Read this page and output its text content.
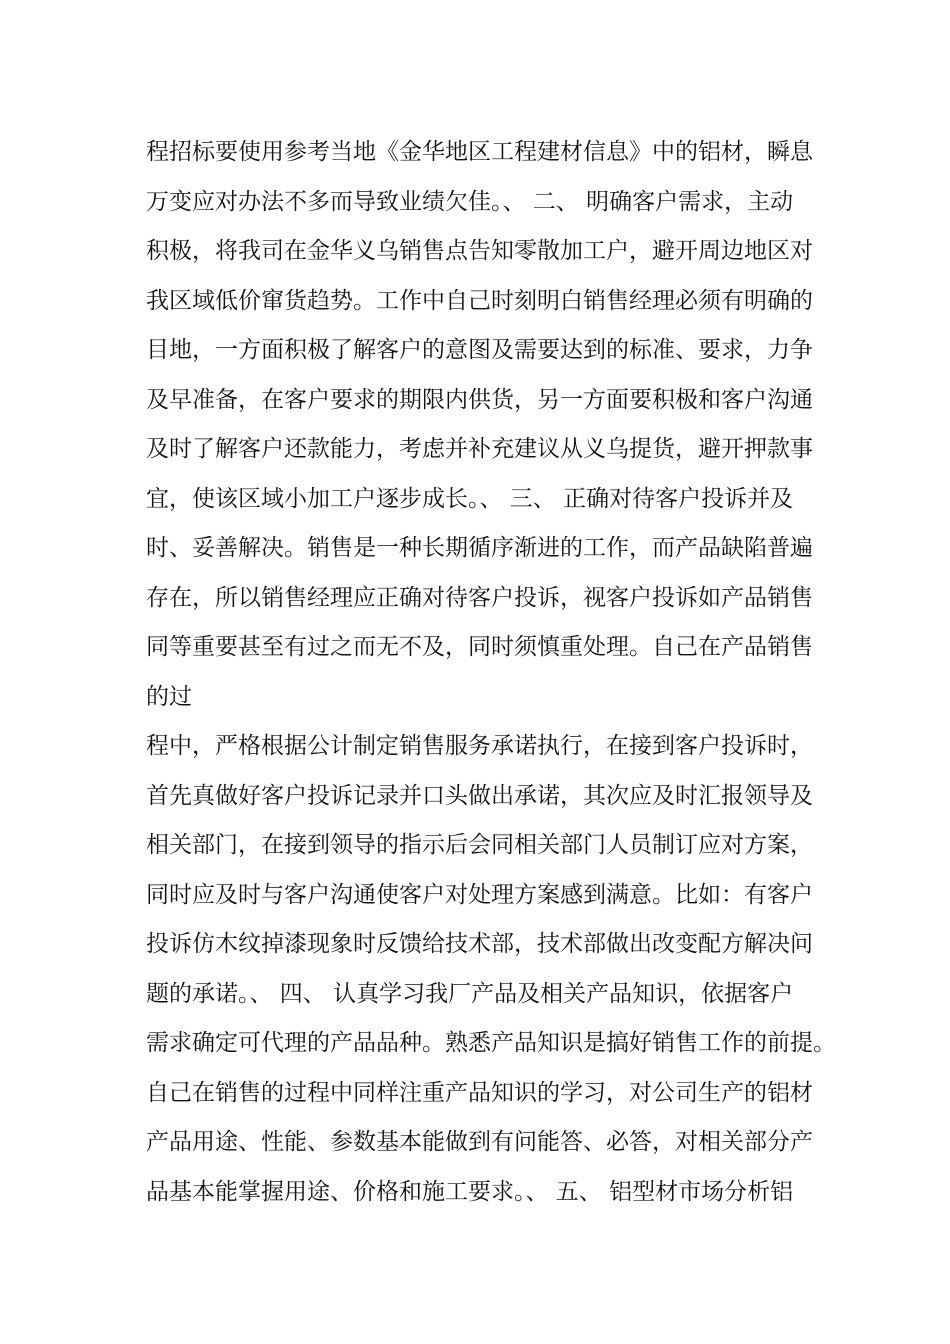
程招标要使用参考当地《金华地区工程建材信息》中的铝材，瞬息
万变应对办法不多而导致业绩欠佳。、 二、 明确客户需求，主动
积极，将我司在金华义乌销售点告知零散加工户，避开周边地区对
我区域低价窜货趋势。工作中自己时刻明白销售经理必须有明确的
目地，一方面积极了解客户的意图及需要达到的标准、要求，力争
及早准备，在客户要求的期限内供货，另一方面要积极和客户沟通
及时了解客户还款能力，考虑并补充建议从义乌提货，避开押款事
宜，使该区域小加工户逐步成长。、 三、 正确对待客户投诉并及
时、妥善解决。销售是一种长期循序渐进的工作，而产品缺陷普遍
存在，所以销售经理应正确对待客户投诉，视客户投诉如产品销售
同等重要甚至有过之而无不及，同时须慎重处理。自己在产品销售
的过
程中，严格根据公计制定销售服务承诺执行，在接到客户投诉时，
首先真做好客户投诉记录并口头做出承诺，其次应及时汇报领导及
相关部门，在接到领导的指示后会同相关部门人员制订应对方案，
同时应及时与客户沟通使客户对处理方案感到满意。比如：有客户
投诉仿木纹掉漆现象时反馈给技术部，技术部做出改变配方解决问
题的承诺。、 四、 认真学习我厂产品及相关产品知识，依据客户
需求确定可代理的产品品种。熟悉产品知识是搞好销售工作的前提。
自己在销售的过程中同样注重产品知识的学习，对公司生产的铝材
产品用途、性能、参数基本能做到有问能答、必答，对相关部分产
品基本能掌握用途、价格和施工要求。、 五、 铝型材市场分析铝
